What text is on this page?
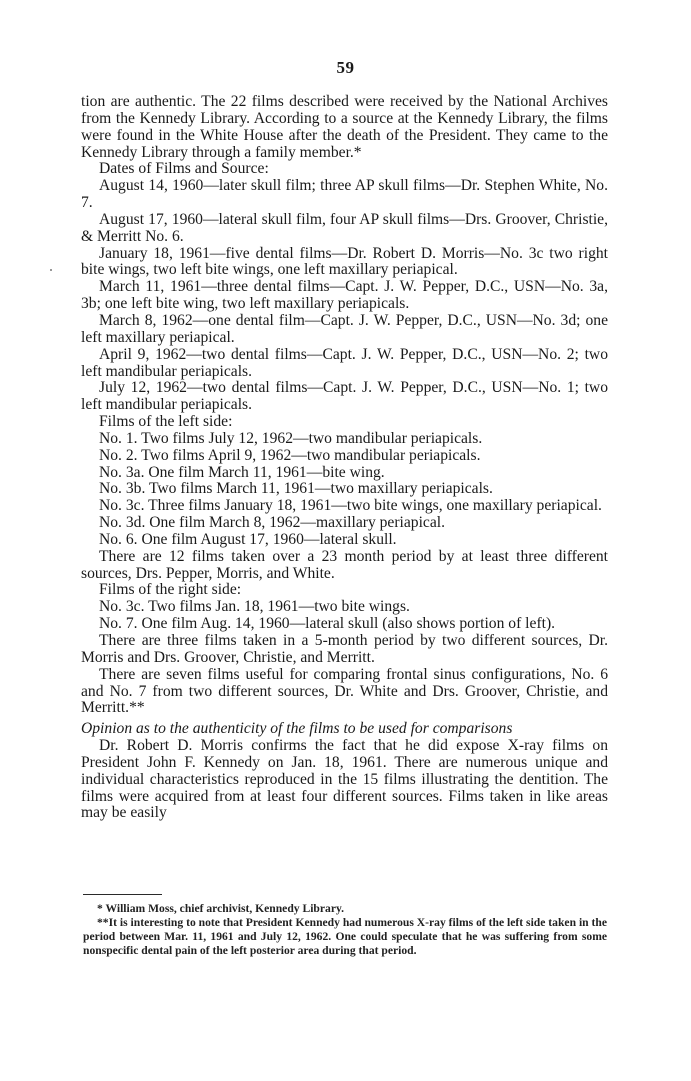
59

tion are authentic. The 22 films described were received by the National Archives from the Kennedy Library. According to a source at the Kennedy Library, the films were found in the White House after the death of the President. They came to the Kennedy Library through a family member.*

Dates of Films and Source:

August 14, 1960—later skull film; three AP skull films—Dr. Stephen White, No. 7.

August 17, 1960—lateral skull film, four AP skull films—Drs. Groover, Christie, & Merritt No. 6.

January 18, 1961—five dental films—Dr. Robert D. Morris—No. 3c two right bite wings, two left bite wings, one left maxillary periapical.

March 11, 1961—three dental films—Capt. J. W. Pepper, D.C., USN—No. 3a, 3b; one left bite wing, two left maxillary periapicals.

March 8, 1962—one dental film—Capt. J. W. Pepper, D.C., USN—No. 3d; one left maxillary periapical.

April 9, 1962—two dental films—Capt. J. W. Pepper, D.C., USN—No. 2; two left mandibular periapicals.

July 12, 1962—two dental films—Capt. J. W. Pepper, D.C., USN—No. 1; two left mandibular periapicals.

Films of the left side:

No. 1. Two films July 12, 1962—two mandibular periapicals.

No. 2. Two films April 9, 1962—two mandibular periapicals.

No. 3a. One film March 11, 1961—bite wing.

No. 3b. Two films March 11, 1961—two maxillary periapicals.

No. 3c. Three films January 18, 1961—two bite wings, one maxillary periapical.

No. 3d. One film March 8, 1962—maxillary periapical.

No. 6. One film August 17, 1960—lateral skull.

There are 12 films taken over a 23 month period by at least three different sources, Drs. Pepper, Morris, and White.

Films of the right side:

No. 3c. Two films Jan. 18, 1961—two bite wings.

No. 7. One film Aug. 14, 1960—lateral skull (also shows portion of left).

There are three films taken in a 5-month period by two different sources, Dr. Morris and Drs. Groover, Christie, and Merritt.

There are seven films useful for comparing frontal sinus configurations, No. 6 and No. 7 from two different sources, Dr. White and Drs. Groover, Christie, and Merritt.**

Opinion as to the authenticity of the films to be used for comparisons

Dr. Robert D. Morris confirms the fact that he did expose X-ray films on President John F. Kennedy on Jan. 18, 1961. There are numerous unique and individual characteristics reproduced in the 15 films illustrating the dentition. The films were acquired from at least four different sources. Films taken in like areas may be easily

* William Moss, chief archivist, Kennedy Library.

**It is interesting to note that President Kennedy had numerous X-ray films of the left side taken in the period between Mar. 11, 1961 and July 12, 1962. One could speculate that he was suffering from some nonspecific dental pain of the left posterior area during that period.
